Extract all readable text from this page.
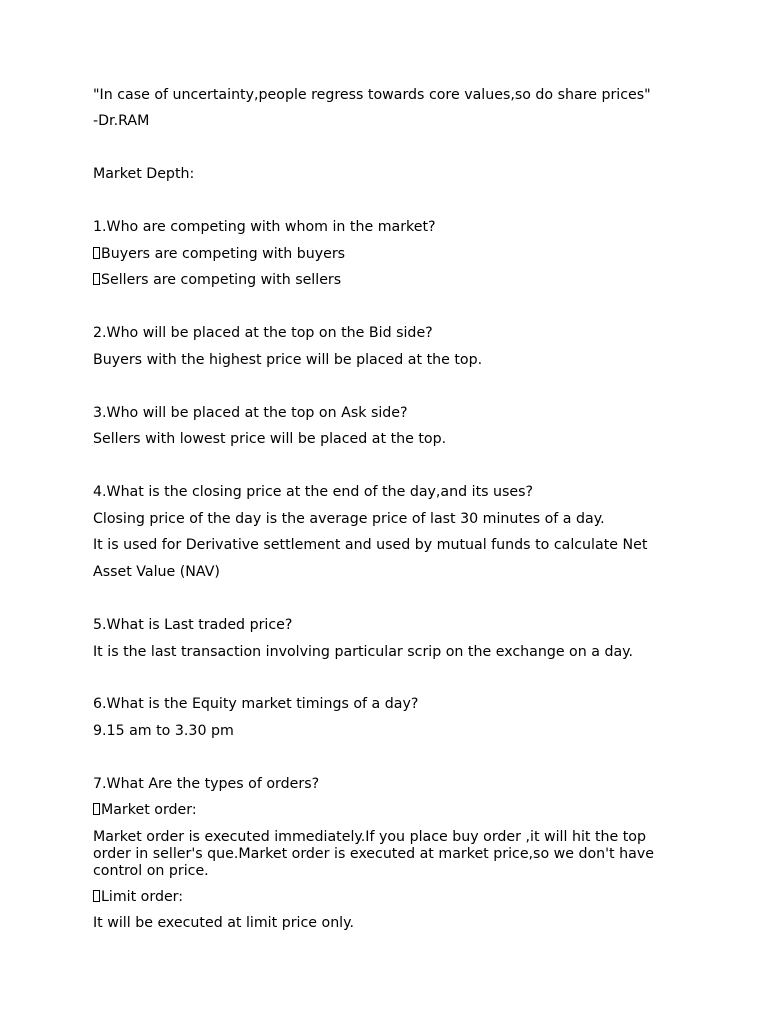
"In case of uncertainty,people regress towards core values,so do share prices"
-Dr.RAM
Market Depth:
1.Who are competing with whom in the market?
Buyers are competing with buyers
Sellers are competing with sellers
2.Who will be placed at the top on the Bid side?
Buyers with the highest price will be placed at the top.
3.Who will be placed at the top on Ask side?
Sellers with lowest price will be placed at the top.
4.What is the closing price at the end of the day,and its uses?
Closing price of the day is the average price of last 30 minutes of a day.
It is used for Derivative settlement and used by mutual funds to calculate Net
Asset Value (NAV)
5.What is Last traded price?
It is the last transaction involving particular scrip on the exchange on a day.
6.What is the Equity market timings of a day?
9.15 am to 3.30 pm
7.What Are the types of orders?
Market order:
Market order is executed immediately.If you place buy order ,it will hit the top order in seller's que.Market order is executed at market price,so we don't have control on price.
Limit order:
It will be executed at limit price only.
